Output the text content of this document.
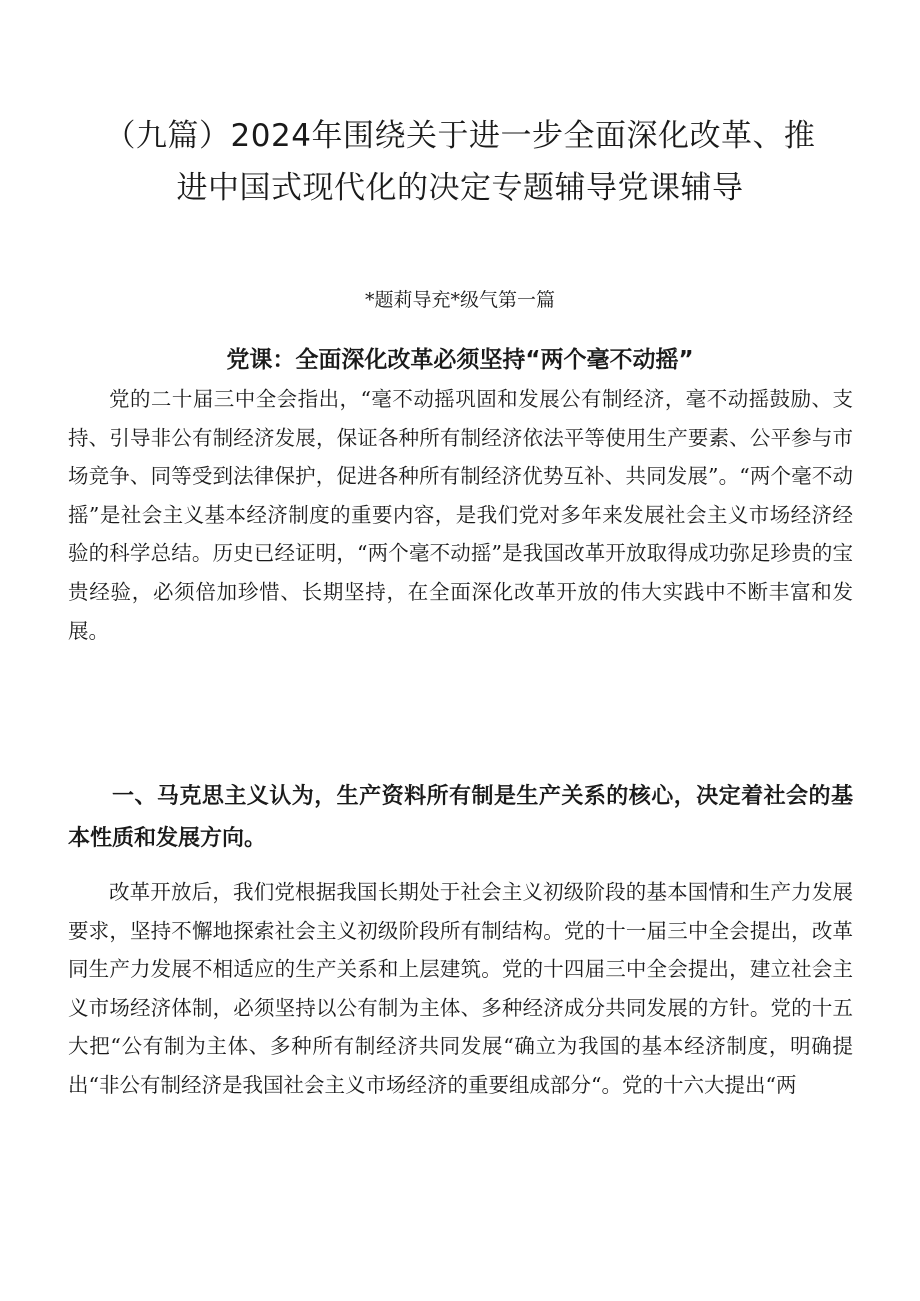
（九篇）2024年围绕关于进一步全面深化改革、推
进中国式现代化的决定专题辅导党课辅导

*题莉导充*级气第一篇

党课：全面深化改革必须坚持“两个毫不动摇”

党的二十届三中全会指出，“毫不动摇巩固和发展公有制经济，毫不动摇鼓励、支持、引导非公有制经济发展，保证各种所有制经济依法平等使用生产要素、公平参与市场竞争、同等受到法律保护，促进各种所有制经济优势互补、共同发展”。“两个毫不动摇”是社会主义基本经济制度的重要内容，是我们党对多年来发展社会主义市场经济经验的科学总结。历史已经证明，“两个毫不动摇”是我国改革开放取得成功弥足珍贵的宝贵经验，必须倍加珍惜、长期坚持，在全面深化改革开放的伟大实践中不断丰富和发展。

一、马克思主义认为，生产资料所有制是生产关系的核心，决定着社会的基本性质和发展方向。

改革开放后，我们党根据我国长期处于社会主义初级阶段的基本国情和生产力发展要求，坚持不懈地探索社会主义初级阶段所有制结构。党的十一届三中全会提出，改革同生产力发展不相适应的生产关系和上层建筑。党的十四届三中全会提出，建立社会主义市场经济体制，必须坚持以公有制为主体、多种经济成分共同发展的方针。党的十五大把“公有制为主体、多种所有制经济共同发展“确立为我国的基本经济制度，明确提出“非公有制经济是我国社会主义市场经济的重要组成部分“。党的十六大提出“两
